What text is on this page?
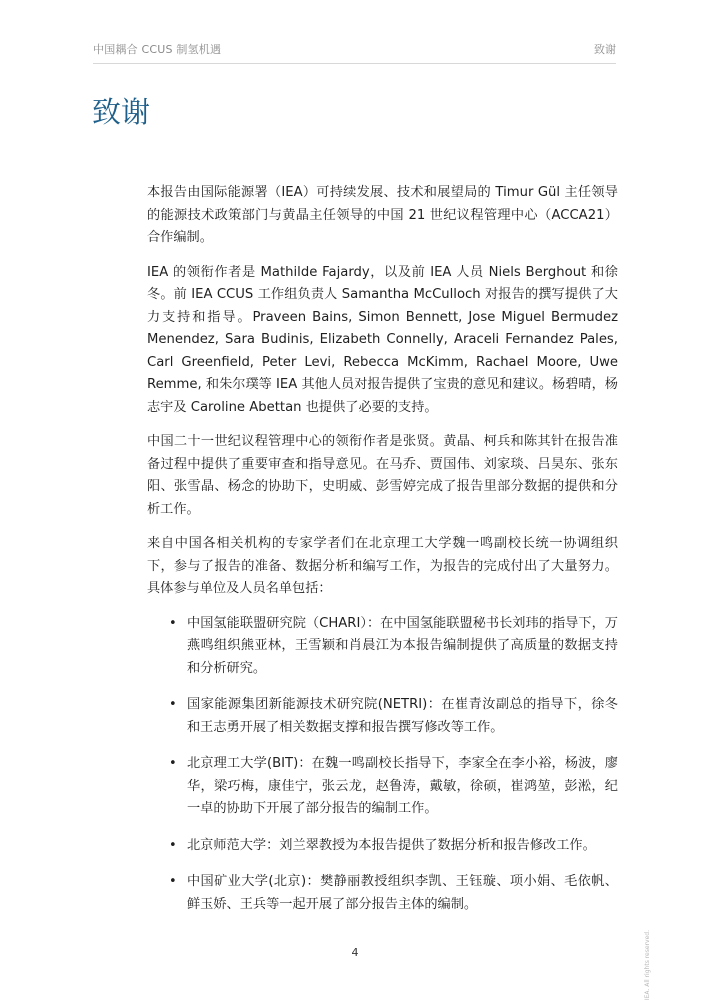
中国耦合 CCUS 制氢机遇	致谢
致谢

本报告由国际能源署（IEA）可持续发展、技术和展望局的 Timur Gül 主任领导的能源技术政策部门与黄晶主任领导的中国 21 世纪议程管理中心（ACCA21）合作编制。

IEA 的领衔作者是 Mathilde Fajardy，以及前 IEA 人员 Niels Berghout 和徐冬。前 IEA CCUS 工作组负责人 Samantha McCulloch 对报告的撰写提供了大力支持和指导。Praveen Bains, Simon Bennett, Jose Miguel Bermudez Menendez, Sara Budinis, Elizabeth Connelly, Araceli Fernandez Pales, Carl Greenfield, Peter Levi, Rebecca McKimm, Rachael Moore, Uwe Remme, 和朱尔璞等 IEA 其他人员对报告提供了宝贵的意见和建议。杨碧晴，杨志宇及 Caroline Abettan 也提供了必要的支持。

中国二十一世纪议程管理中心的领衔作者是张贤。黄晶、柯兵和陈其针在报告准备过程中提供了重要审查和指导意见。在马乔、贾国伟、刘家琰、吕昊东、张东阳、张雪晶、杨念的协助下，史明威、彭雪婷完成了报告里部分数据的提供和分析工作。

来自中国各相关机构的专家学者们在北京理工大学魏一鸣副校长统一协调组织下，参与了报告的准备、数据分析和编写工作，为报告的完成付出了大量努力。具体参与单位及人员名单包括：

• 中国氢能联盟研究院（CHARI）：在中国氢能联盟秘书长刘玮的指导下，万燕鸣组织熊亚林，王雪颖和肖晨江为本报告编制提供了高质量的数据支持和分析研究。
• 国家能源集团新能源技术研究院(NETRI)：在崔青汝副总的指导下，徐冬和王志勇开展了相关数据支撑和报告撰写修改等工作。
• 北京理工大学(BIT)：在魏一鸣副校长指导下，李家全在李小裕，杨波，廖华，梁巧梅，康佳宁，张云龙，赵鲁涛，戴敏，徐硕，崔鸿堃，彭淞，纪一卓的协助下开展了部分报告的编制工作。
• 北京师范大学：刘兰翠教授为本报告提供了数据分析和报告修改工作。
• 中国矿业大学(北京)：樊静丽教授组织李凯、王钰璇、项小娟、毛依帆、鲜玉娇、王兵等一起开展了部分报告主体的编制。
4	IEA. All rights reserved.
